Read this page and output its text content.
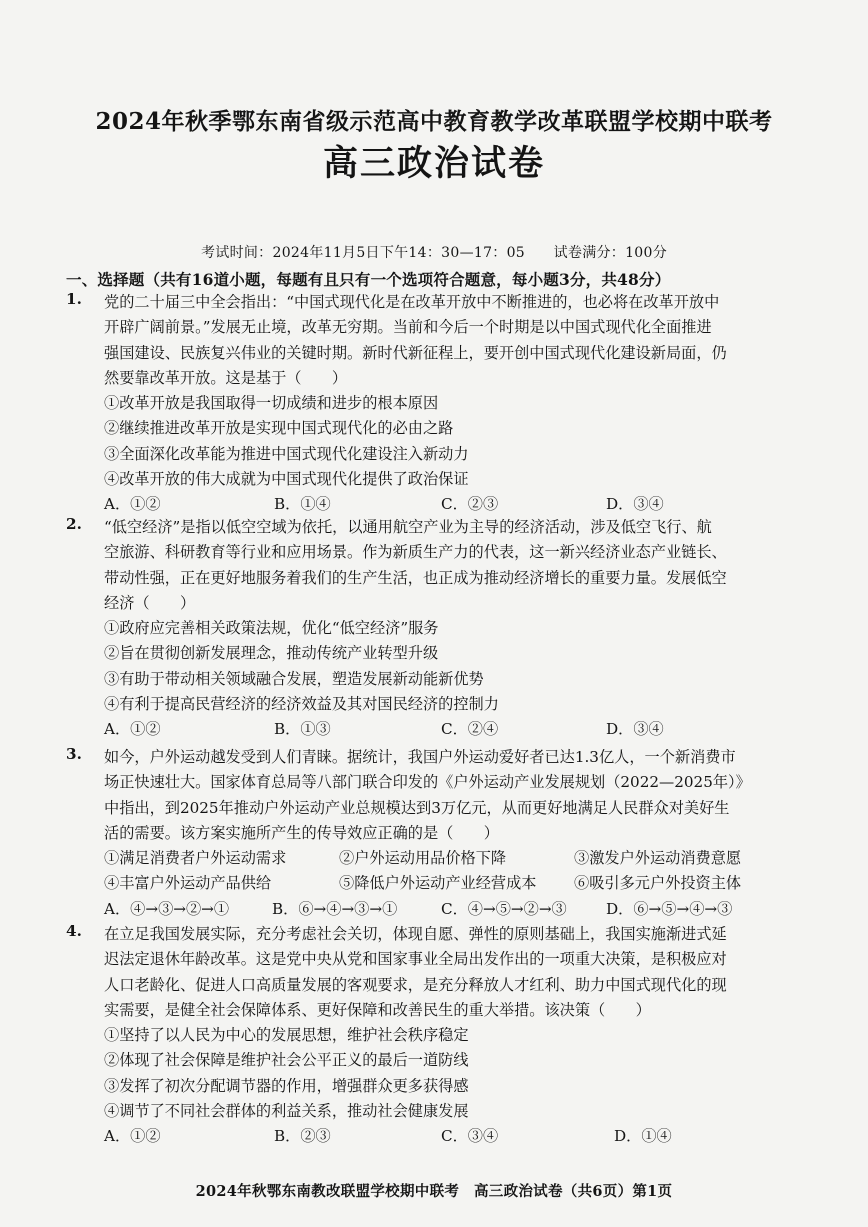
2024年秋季鄂东南省级示范高中教育教学改革联盟学校期中联考
高三政治试卷
考试时间：2024年11月5日下午14：30—17：05　　试卷满分：100分
一、选择题（共有16道小题，每题有且只有一个选项符合题意，每小题3分，共48分）
1. 党的二十届三中全会指出：“中国式现代化是在改革开放中不断推进的，也必将在改革开放中
开辟广阔前景。”发展无止境，改革无穷期。当前和今后一个时期是以中国式现代化全面推进
强国建设、民族复兴伟业的关键时期。新时代新征程上，要开创中国式现代化建设新局面，仍
然要靠改革开放。这是基于（　　）
①改革开放是我国取得一切成绩和进步的根本原因
②继续推进改革开放是实现中国式现代化的必由之路
③全面深化改革能为推进中国式现代化建设注入新动力
④改革开放的伟大成就为中国式现代化提供了政治保证
A．①②	B．①④	C．②③	D．③④
2. “低空经济”是指以低空空域为依托，以通用航空产业为主导的经济活动，涉及低空飞行、航
空旅游、科研教育等行业和应用场景。作为新质生产力的代表，这一新兴经济业态产业链长、
带动性强，正在更好地服务着我们的生产生活，也正成为推动经济增长的重要力量。发展低空
经济（　　）
①政府应完善相关政策法规，优化“低空经济”服务
②旨在贯彻创新发展理念，推动传统产业转型升级
③有助于带动相关领域融合发展，塑造发展新动能新优势
④有利于提高民营经济的经济效益及其对国民经济的控制力
A．①②	B．①③	C．②④	D．③④
3. 如今，户外运动越发受到人们青睐。据统计，我国户外运动爱好者已达1.3亿人，一个新消费市
场正快速壮大。国家体育总局等八部门联合印发的《户外运动产业发展规划（2022—2025年）》
中指出，到2025年推动户外运动产业总规模达到3万亿元，从而更好地满足人民群众对美好生
活的需要。该方案实施所产生的传导效应正确的是（　　）
①满足消费者户外运动需求	②户外运动用品价格下降	③激发户外运动消费意愿
④丰富户外运动产品供给	⑤降低户外运动产业经营成本 ⑥吸引多元户外投资主体
A．④→③→②→①	B．⑥→④→③→①	C．④→⑤→②→③	D．⑥→⑤→④→③
4. 在立足我国发展实际，充分考虑社会关切，体现自愿、弹性的原则基础上，我国实施渐进式延
迟法定退休年龄改革。这是党中央从党和国家事业全局出发作出的一项重大决策，是积极应对
人口老龄化、促进人口高质量发展的客观要求，是充分释放人才红利、助力中国式现代化的现
实需要，是健全社会保障体系、更好保障和改善民生的重大举措。该决策（　　）
①坚持了以人民为中心的发展思想，维护社会秩序稳定
②体现了社会保障是维护社会公平正义的最后一道防线
③发挥了初次分配调节器的作用，增强群众更多获得感
④调节了不同社会群体的利益关系，推动社会健康发展
A．①②	B．②③	C．③④	D．①④
2024年秋鄂东南教改联盟学校期中联考　高三政治试卷（共6页）第1页
